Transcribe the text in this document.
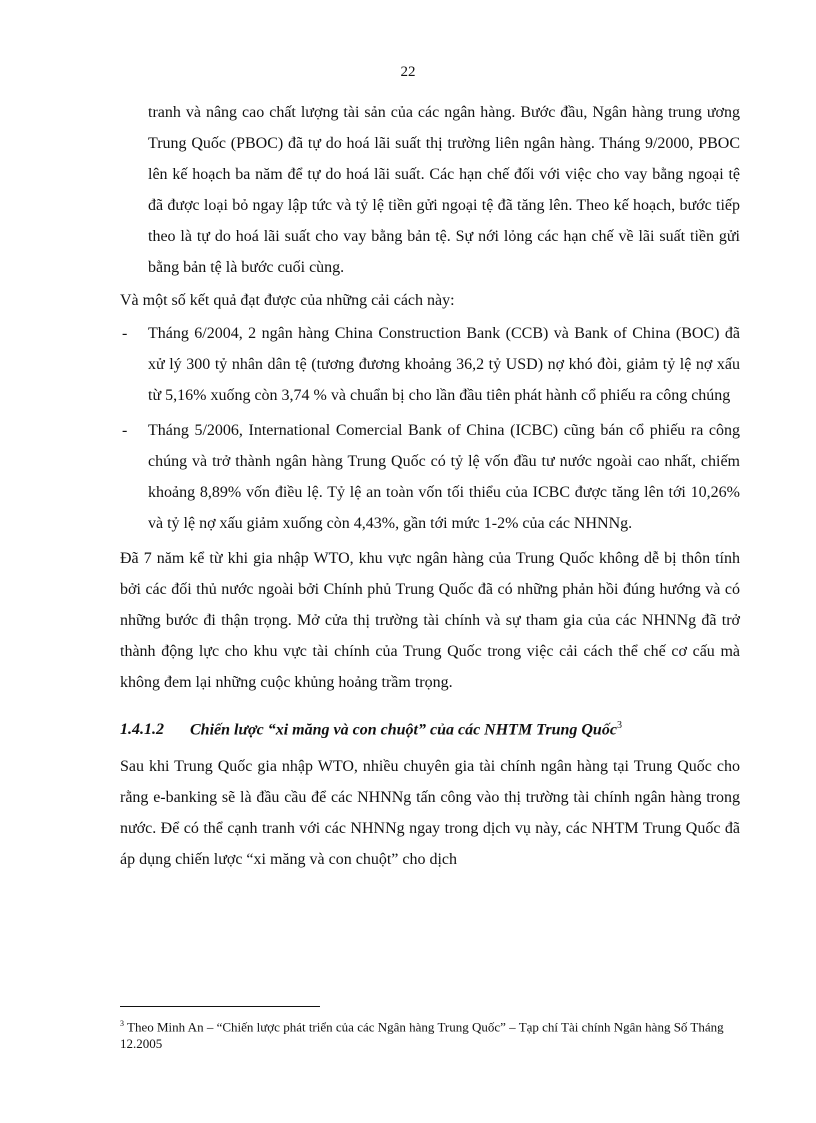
22

tranh và nâng cao chất lượng tài sản của các ngân hàng. Bước đầu, Ngân hàng trung ương Trung Quốc (PBOC) đã tự do hoá lãi suất thị trường liên ngân hàng. Tháng 9/2000, PBOC lên kế hoạch ba năm để tự do hoá lãi suất. Các hạn chế đối với việc cho vay bằng ngoại tệ đã được loại bỏ ngay lập tức và tỷ lệ tiền gửi ngoại tệ đã tăng lên. Theo kế hoạch, bước tiếp theo là tự do hoá lãi suất cho vay bằng bản tệ. Sự nới lỏng các hạn chế về lãi suất tiền gửi bằng bản tệ là bước cuối cùng.

Và một số kết quả đạt được của những cải cách này:

- Tháng 6/2004, 2 ngân hàng China Construction Bank (CCB) và Bank of China (BOC) đã xử lý 300 tỷ nhân dân tệ (tương đương khoảng 36,2 tỷ USD) nợ khó đòi, giảm tỷ lệ nợ xấu từ 5,16% xuống còn 3,74 % và chuẩn bị cho lần đầu tiên phát hành cổ phiếu ra công chúng
- Tháng 5/2006, International Comercial Bank of China (ICBC) cũng bán cổ phiếu ra công chúng và trở thành ngân hàng Trung Quốc có tỷ lệ vốn đầu tư nước ngoài cao nhất, chiếm khoảng 8,89% vốn điều lệ. Tỷ lệ an toàn vốn tối thiểu của ICBC được tăng lên tới 10,26% và tỷ lệ nợ xấu giảm xuống còn 4,43%, gần tới mức 1-2% của các NHNNg.

Đã 7 năm kể từ khi gia nhập WTO, khu vực ngân hàng của Trung Quốc không dễ bị thôn tính bởi các đối thủ nước ngoài bởi Chính phủ Trung Quốc đã có những phản hồi đúng hướng và có những bước đi thận trọng. Mở cửa thị trường tài chính và sự tham gia của các NHNNg đã trở thành động lực cho khu vực tài chính của Trung Quốc trong việc cải cách thể chế cơ cấu mà không đem lại những cuộc khủng hoảng trầm trọng.

1.4.1.2 Chiến lược “xi măng và con chuột” của các NHTM Trung Quốc$^3$

Sau khi Trung Quốc gia nhập WTO, nhiều chuyên gia tài chính ngân hàng tại Trung Quốc cho rằng e-banking sẽ là đầu cầu để các NHNNg tấn công vào thị trường tài chính ngân hàng trong nước. Để có thể cạnh tranh với các NHNNg ngay trong dịch vụ này, các NHTM Trung Quốc đã áp dụng chiến lược “xi măng và con chuột” cho dịch

$^3$ Theo Minh An – “Chiến lược phát triển của các Ngân hàng Trung Quốc” – Tạp chí Tài chính Ngân hàng Số Tháng 12.2005
